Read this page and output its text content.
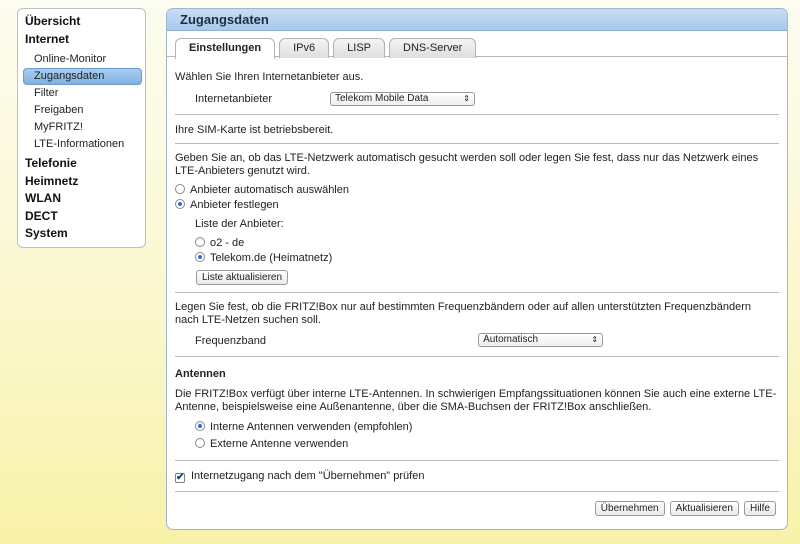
Übersicht
Internet
Online-Monitor
Zugangsdaten
Filter
Freigaben
MyFRITZ!
LTE-Informationen
Telefonie
Heimnetz
WLAN
DECT
System
Zugangsdaten
Einstellungen	IPv6	LISP	DNS-Server
Wählen Sie Ihren Internetanbieter aus.
Internetanbieter	Telekom Mobile Data	⇕

Ihre SIM-Karte ist betriebsbereit.
Geben Sie an, ob das LTE-Netzwerk automatisch gesucht werden soll oder legen Sie fest, dass nur das Netzwerk eines LTE-Anbieters genutzt wird.
Anbieter automatisch auswählen
Anbieter festlegen
Liste der Anbieter:
o2 - de
Telekom.de (Heimatnetz)
Liste aktualisieren
Legen Sie fest, ob die FRITZ!Box nur auf bestimmten Frequenzbändern oder auf allen unterstützten Frequenzbändern nach LTE-Netzen suchen soll.
Frequenzband	Automatisch	⇕
Antennen
Die FRITZ!Box verfügt über interne LTE-Antennen. In schwierigen Empfangssituationen können Sie auch eine externe LTE-Antenne, beispielsweise eine Außenantenne, über die SMA-Buchsen der FRITZ!Box anschließen.
Interne Antennen verwenden (empfohlen)
Externe Antenne verwenden
✔ Internetzugang nach dem "Übernehmen" prüfen
Übernehmen Aktualisieren Hilfe
